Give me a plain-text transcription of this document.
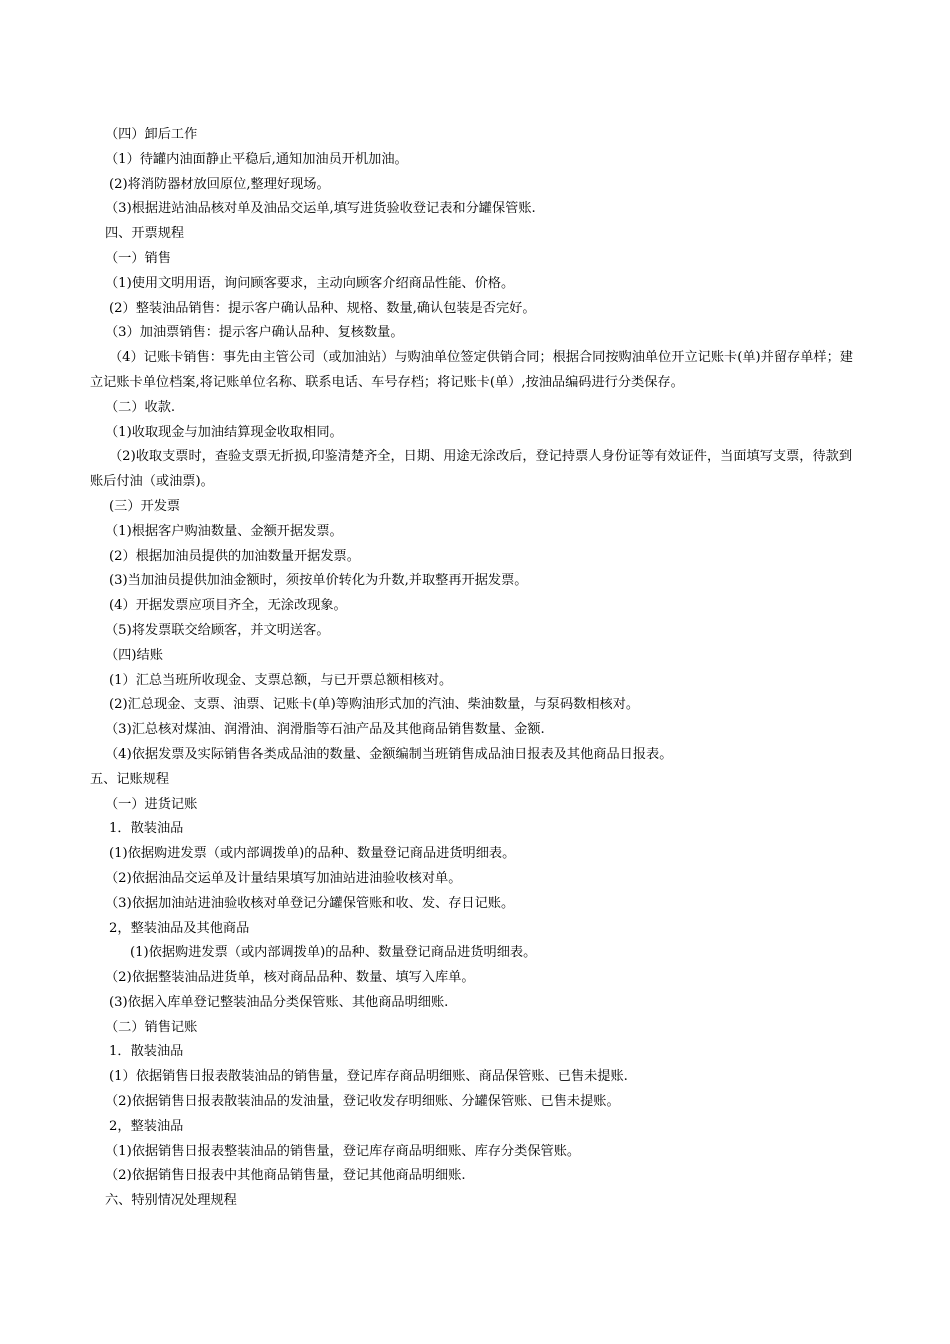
（四）卸后工作

（1）待罐内油面静止平稳后,通知加油员开机加油。

(2)将消防器材放回原位,整理好现场。

（3)根据进站油品核对单及油品交运单,填写进货验收登记表和分罐保管账.

四、开票规程

（一）销售

（1)使用文明用语，询问顾客要求，主动向顾客介绍商品性能、价格。

(2）整装油品销售：提示客户确认品种、规格、数量,确认包装是否完好。

（3）加油票销售：提示客户确认品种、复核数量。

（4）记账卡销售：事先由主管公司（或加油站）与购油单位签定供销合同；根据合同按购油单位开立记账卡(单)并留存单样；建立记账卡单位档案,将记账单位名称、联系电话、车号存档；将记账卡(单）,按油品编码进行分类保存。

（二）收款.

（1)收取现金与加油结算现金收取相同。

（2)收取支票时，查验支票无折损,印鉴清楚齐全，日期、用途无涂改后，登记持票人身份证等有效证件，当面填写支票，待款到账后付油（或油票)。

(三）开发票

（1)根据客户购油数量、金额开据发票。

(2）根据加油员提供的加油数量开据发票。

(3)当加油员提供加油金额时，须按单价转化为升数,并取整再开据发票。

(4）开据发票应项目齐全，无涂改现象。

（5)将发票联交给顾客，并文明送客。

（四)结账

(1）汇总当班所收现金、支票总额，与已开票总额相核对。

(2)汇总现金、支票、油票、记账卡(单)等购油形式加的汽油、柴油数量，与泵码数相核对。

（3)汇总核对煤油、润滑油、润滑脂等石油产品及其他商品销售数量、金额.

（4)依据发票及实际销售各类成品油的数量、金额编制当班销售成品油日报表及其他商品日报表。

五、记账规程

（一）进货记账

1．散装油品

(1)依据购进发票（或内部调拨单)的品种、数量登记商品进货明细表。

（2)依据油品交运单及计量结果填写加油站进油验收核对单。

（3)依据加油站进油验收核对单登记分罐保管账和收、发、存日记账。

2，整装油品及其他商品

(1)依据购进发票（或内部调拨单)的品种、数量登记商品进货明细表。

（2)依据整装油品进货单，核对商品品种、数量、填写入库单。

(3)依据入库单登记整装油品分类保管账、其他商品明细账.

（二）销售记账

1．散装油品

(1）依据销售日报表散装油品的销售量，登记库存商品明细账、商品保管账、已售未提账.

（2)依据销售日报表散装油品的发油量，登记收发存明细账、分罐保管账、已售未提账。

2，整装油品

（1)依据销售日报表整装油品的销售量，登记库存商品明细账、库存分类保管账。

（2)依据销售日报表中其他商品销售量，登记其他商品明细账.

六、特别情况处理规程
